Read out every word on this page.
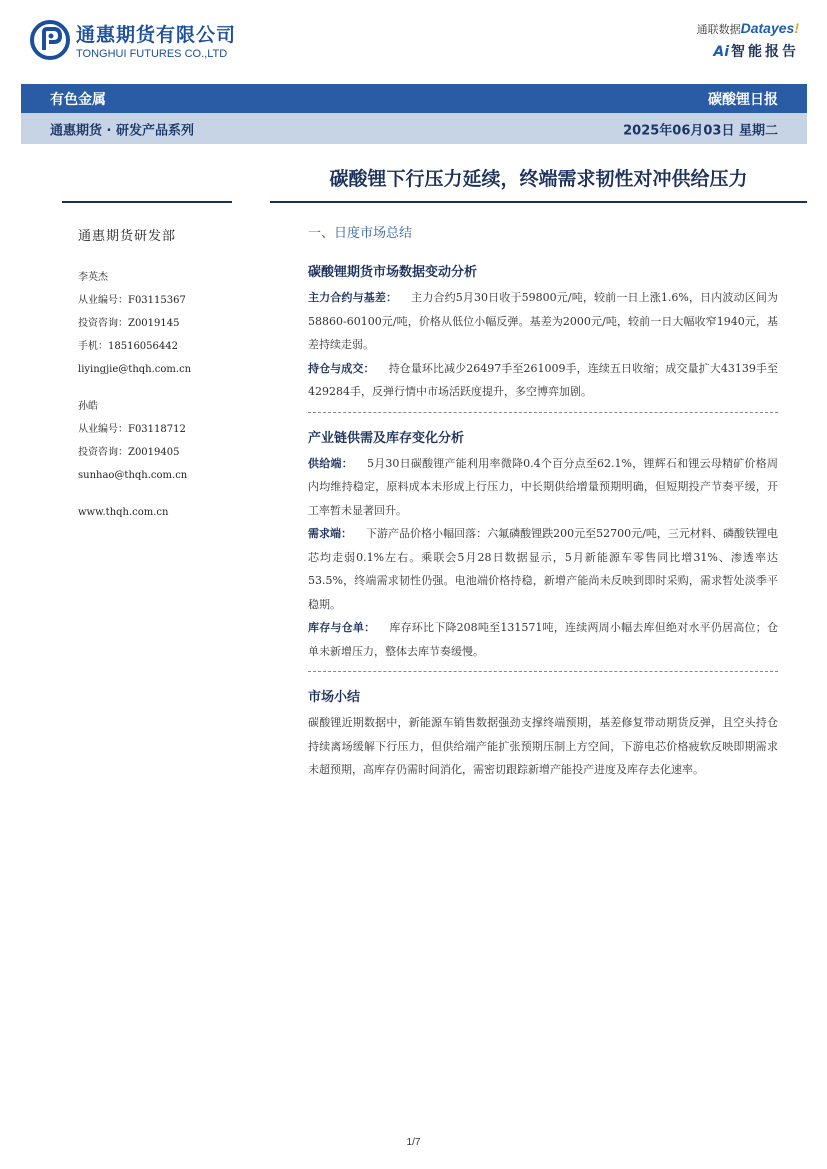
通惠期货有限公司
TONGHUI FUTURES CO.,LTD
通联数据Datayes!
Ai 智能报告
有色金属	碳酸锂日报
通惠期货 · 研发产品系列	2025年06月03日 星期二
碳酸锂下行压力延续，终端需求韧性对冲供给压力
通惠期货研发部
李英杰
从业编号：F03115367
投资咨询：Z0019145
手机：18516056442
liyingjie@thqh.com.cn
孙皓
从业编号：F03118712
投资咨询：Z0019405
sunhao@thqh.com.cn
www.thqh.com.cn
一、日度市场总结
碳酸锂期货市场数据变动分析
主力合约与基差： 主力合约5月30日收于59800元/吨，较前一日上涨1.6%，日内波动区间为58860-60100元/吨，价格从低位小幅反弹。基差为2000元/吨，较前一日大幅收窄1940元，基差持续走弱。
持仓与成交： 持仓量环比减少26497手至261009手，连续五日收缩；成交量扩大43139手至429284手，反弹行情中市场活跃度提升，多空博弈加剧。
产业链供需及库存变化分析
供给端： 5月30日碳酸锂产能利用率微降0.4个百分点至62.1%，锂辉石和锂云母精矿价格周内均维持稳定，原料成本未形成上行压力，中长期供给增量预期明确，但短期投产节奏平缓，开工率暂未显著回升。
需求端： 下游产品价格小幅回落：六氟磷酸锂跌200元至52700元/吨，三元材料、磷酸铁锂电芯均走弱0.1%左右。乘联会5月28日数据显示，5月新能源车零售同比增31%、渗透率达53.5%，终端需求韧性仍强。电池端价格持稳，新增产能尚未反映到即时采购，需求暂处淡季平稳期。
库存与仓单： 库存环比下降208吨至131571吨，连续两周小幅去库但绝对水平仍居高位；仓单未新增压力，整体去库节奏缓慢。
市场小结
碳酸锂近期数据中，新能源车销售数据强劲支撑终端预期，基差修复带动期货反弹，且空头持仓持续离场缓解下行压力，但供给端产能扩张预期压制上方空间，下游电芯价格疲软反映即期需求未超预期，高库存仍需时间消化，需密切跟踪新增产能投产进度及库存去化速率。
1/7
